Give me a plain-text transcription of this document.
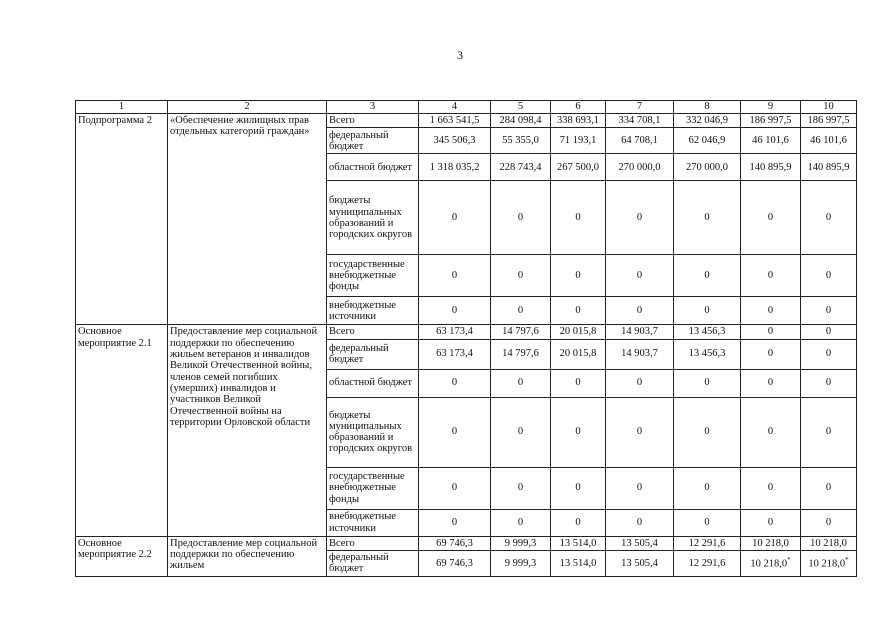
3
1	2	3	4	5	6	7	8	9	10
Подпрограмма 2	«Обеспечение жилищных прав отдельных категорий граждан»	Всего	1 663 541,5	284 098,4	338 693,1	334 708,1	332 046,9	186 997,5	186 997,5
		федеральный бюджет	345 506,3	55 355,0	71 193,1	64 708,1	62 046,9	46 101,6	46 101,6
		областной бюджет	1 318 035,2	228 743,4	267 500,0	270 000,0	270 000,0	140 895,9	140 895,9
		бюджеты муниципальных образований и городских округов	0	0	0	0	0	0	0
		государственные внебюджетные фонды	0	0	0	0	0	0	0
		внебюджетные источники	0	0	0	0	0	0	0
Основное мероприятие 2.1	Предоставление мер социальной поддержки по обеспечению жильем ветеранов и инвалидов Великой Отечественной войны, членов семей погибших (умерших) инвалидов и участников Великой Отечественной войны на территории Орловской области	Всего	63 173,4	14 797,6	20 015,8	14 903,7	13 456,3	0	0
		федеральный бюджет	63 173,4	14 797,6	20 015,8	14 903,7	13 456,3	0	0
		областной бюджет	0	0	0	0	0	0	0
		бюджеты муниципальных образований и городских округов	0	0	0	0	0	0	0
		государственные внебюджетные фонды	0	0	0	0	0	0	0
		внебюджетные источники	0	0	0	0	0	0	0
Основное мероприятие 2.2	Предоставление мер социальной поддержки по обеспечению жильем	Всего	69 746,3	9 999,3	13 514,0	13 505,4	12 291,6	10 218,0	10 218,0
		федеральный бюджет	69 746,3	9 999,3	13 514,0	13 505,4	12 291,6	10 218,0*	10 218,0*
